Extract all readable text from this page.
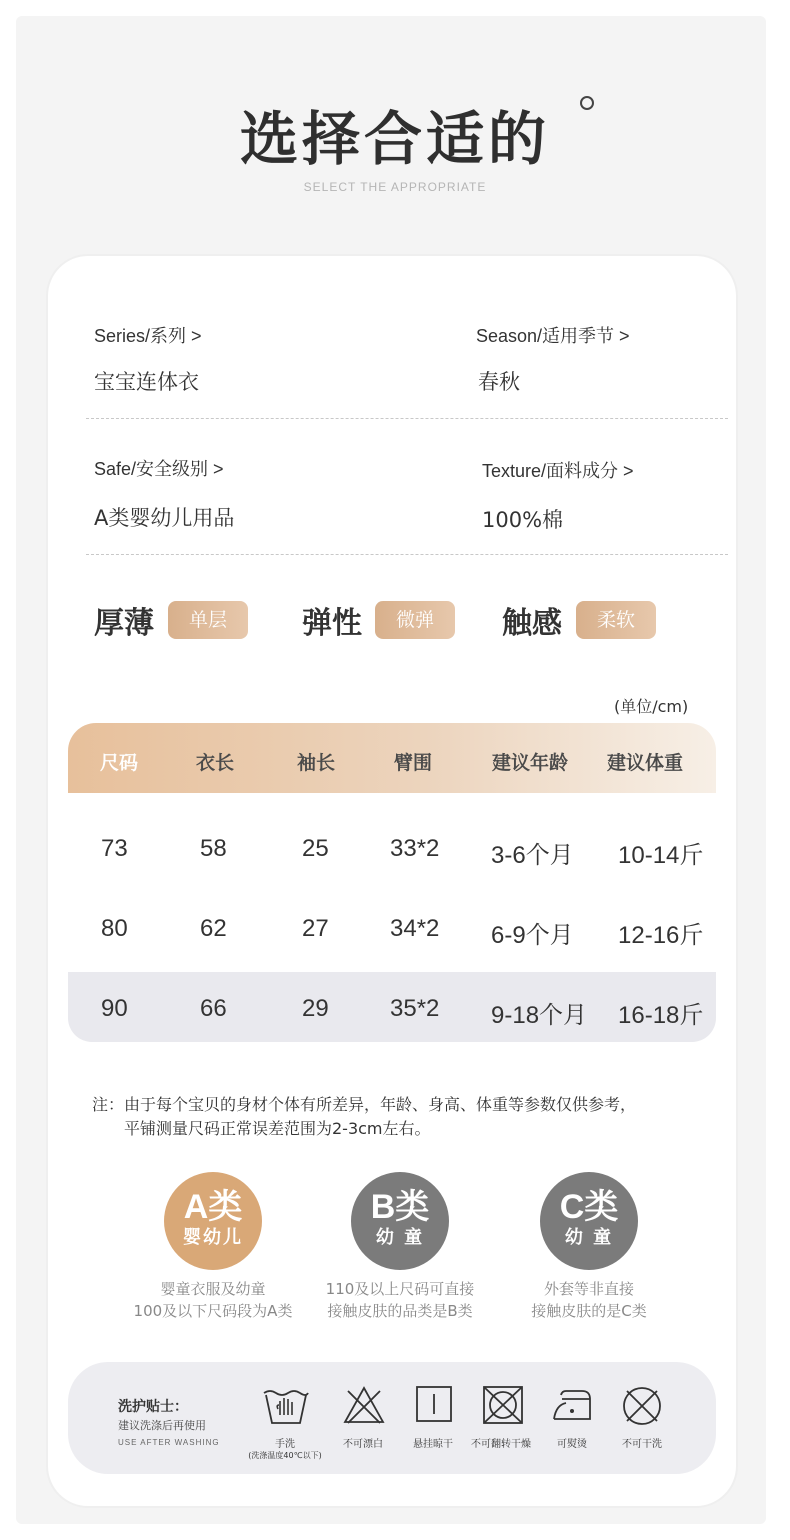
选择合适的
SELECT THE APPROPRIATE
Series/系列 >
宝宝连体衣
Season/适用季节 >
春秋
Safe/安全级别 >
A类婴幼儿用品
Texture/面料成分 >
100%棉
厚薄	单层	弹性	微弹	触感	柔软
(单位/cm)
尺码	衣长	袖长	臂围	建议年龄 建议体重
73	58	25	33*2 3-6个月 10-14斤
80	62	27	34*2 6-9个月 12-16斤
90	66	29	35*2 9-18个月 16-18斤
注：由于每个宝贝的身材个体有所差异，年龄、身高、体重等参数仅供参考，
平铺测量尺码正常误差范围为2-3cm左右。
A类
婴幼儿
婴童衣服及幼童
100及以下尺码段为A类
B类
幼 童
110及以上尺码可直接
接触皮肤的品类是B类
C类
幼 童
外套等非直接
接触皮肤的是C类
洗护贴士：
建议洗涤后再使用
USE AFTER WASHING	手洗
(洗涤温度40℃以下)
不可漂白	悬挂晾干	不可翻转干燥	可熨烫	不可干洗
